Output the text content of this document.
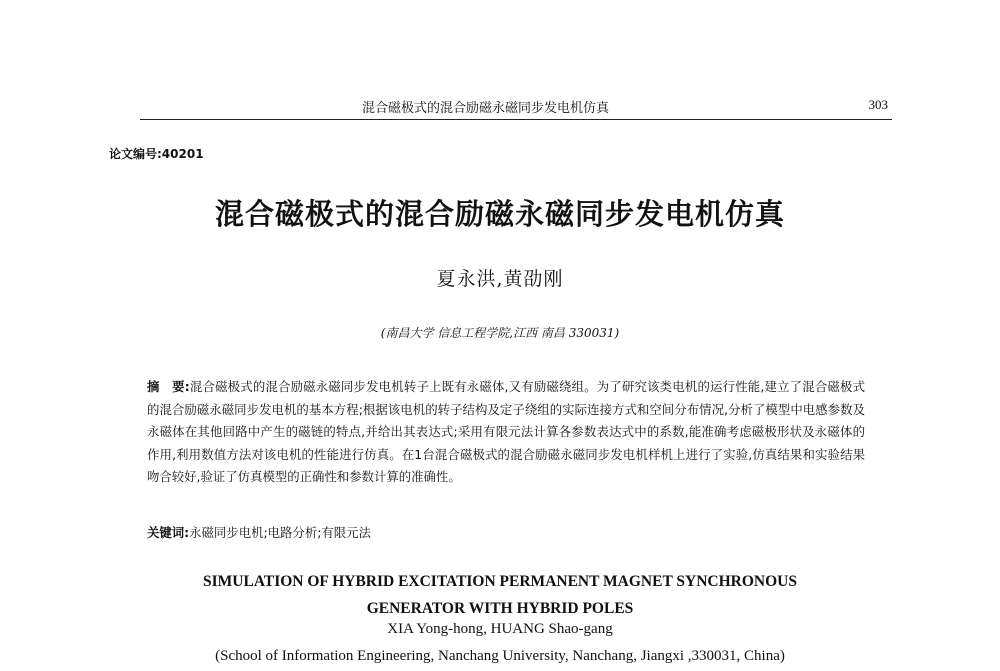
混合磁极式的混合励磁永磁同步发电机仿真	303
论文编号:40201
混合磁极式的混合励磁永磁同步发电机仿真
夏永洪,黄劭刚
(南昌大学 信息工程学院,江西 南昌 330031)
摘　要:混合磁极式的混合励磁永磁同步发电机转子上既有永磁体,又有励磁绕组。为了研究该类电机的运行性能,建立了混合磁极式的混合励磁永磁同步发电机的基本方程;根据该电机的转子结构及定子绕组的实际连接方式和空间分布情况,分析了模型中电感参数及永磁体在其他回路中产生的磁链的特点,并给出其表达式;采用有限元法计算各参数表达式中的系数,能准确考虑磁极形状及永磁体的作用,利用数值方法对该电机的性能进行仿真。在1台混合磁极式的混合励磁永磁同步发电机样机上进行了实验,仿真结果和实验结果吻合较好,验证了仿真模型的正确性和参数计算的准确性。
关键词:永磁同步电机;电路分析;有限元法
SIMULATION OF HYBRID EXCITATION PERMANENT MAGNET SYNCHRONOUS
GENERATOR WITH HYBRID POLES
XIA Yong-hong, HUANG Shao-gang
(School of Information Engineering, Nanchang University, Nanchang, Jiangxi ,330031, China)
